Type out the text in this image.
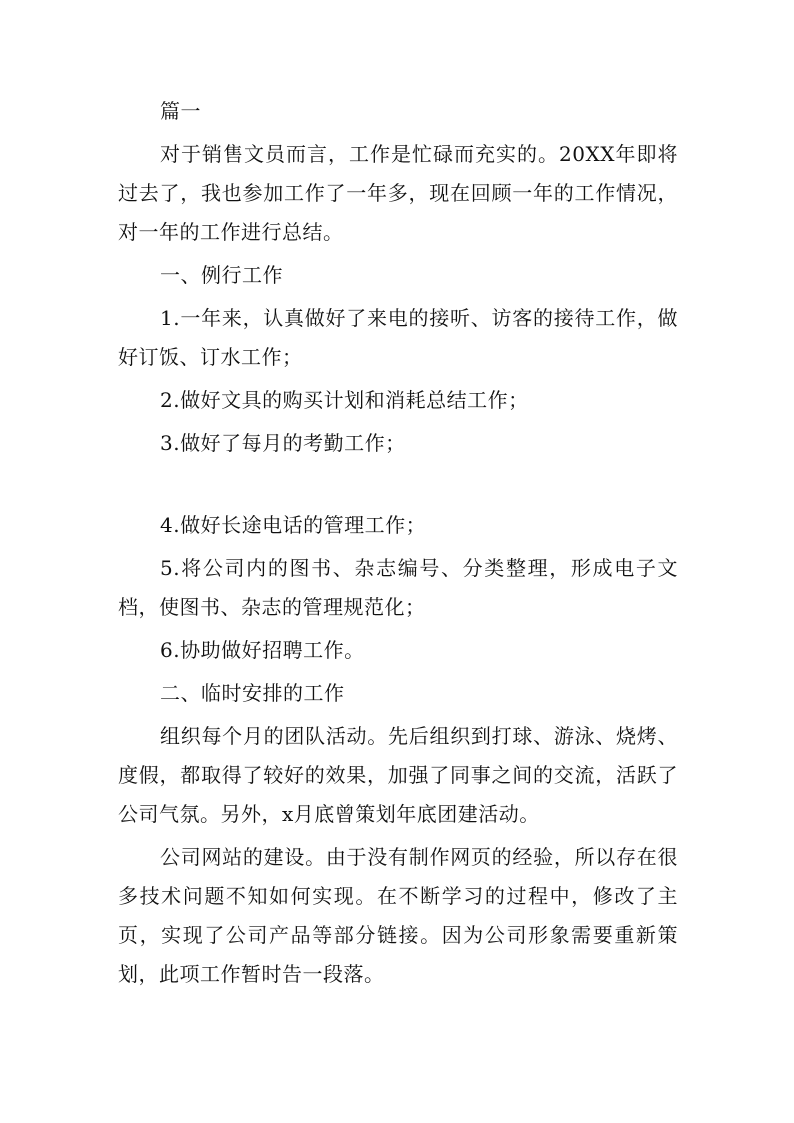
篇一

对于销售文员而言，工作是忙碌而充实的。20XX年即将过去了，我也参加工作了一年多，现在回顾一年的工作情况，对一年的工作进行总结。

一、例行工作

1.一年来，认真做好了来电的接听、访客的接待工作，做好订饭、订水工作；

2.做好文具的购买计划和消耗总结工作；

3.做好了每月的考勤工作；

4.做好长途电话的管理工作；

5.将公司内的图书、杂志编号、分类整理，形成电子文档，使图书、杂志的管理规范化；

6.协助做好招聘工作。

二、临时安排的工作

组织每个月的团队活动。先后组织到打球、游泳、烧烤、度假，都取得了较好的效果，加强了同事之间的交流，活跃了公司气氛。另外，x月底曾策划年底团建活动。

公司网站的建设。由于没有制作网页的经验，所以存在很多技术问题不知如何实现。在不断学习的过程中，修改了主页，实现了公司产品等部分链接。因为公司形象需要重新策划，此项工作暂时告一段落。
